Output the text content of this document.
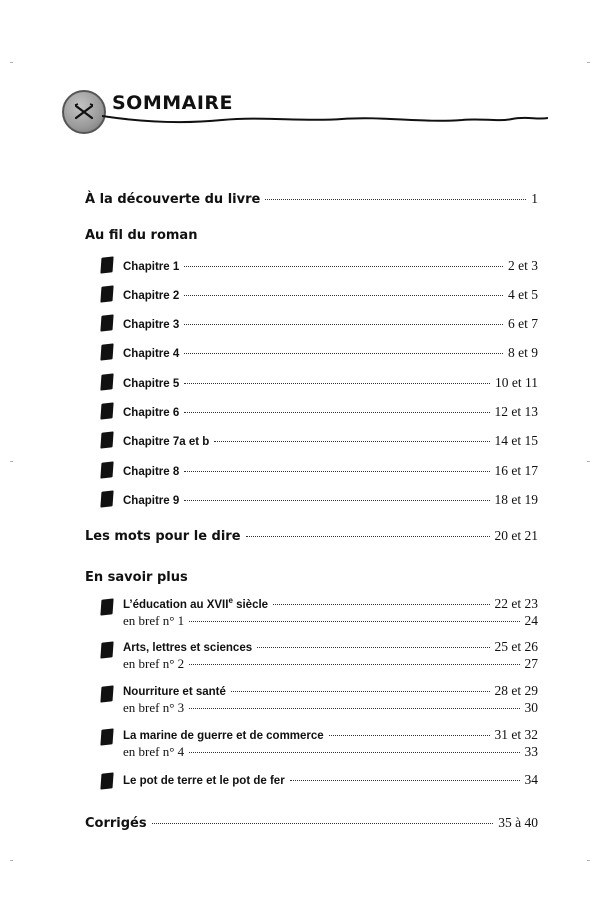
SOMMAIRE
À la découverte du livre	1
Au fil du roman
Chapitre 1	2 et 3
Chapitre 2	4 et 5
Chapitre 3	6 et 7
Chapitre 4	8 et 9
Chapitre 5	10 et 11
Chapitre 6	12 et 13
Chapitre 7a et b	14 et 15
Chapitre 8	16 et 17
Chapitre 9	18 et 19
Les mots pour le dire	20 et 21
En savoir plus
L’éducation au XVIIe siècle	22 et 23
en bref n° 1	24
Arts, lettres et sciences	25 et 26
en bref n° 2	27
Nourriture et santé	28 et 29
en bref n° 3	30
La marine de guerre et de commerce	31 et 32
en bref n° 4	33
Le pot de terre et le pot de fer	34
Corrigés	35 à 40
